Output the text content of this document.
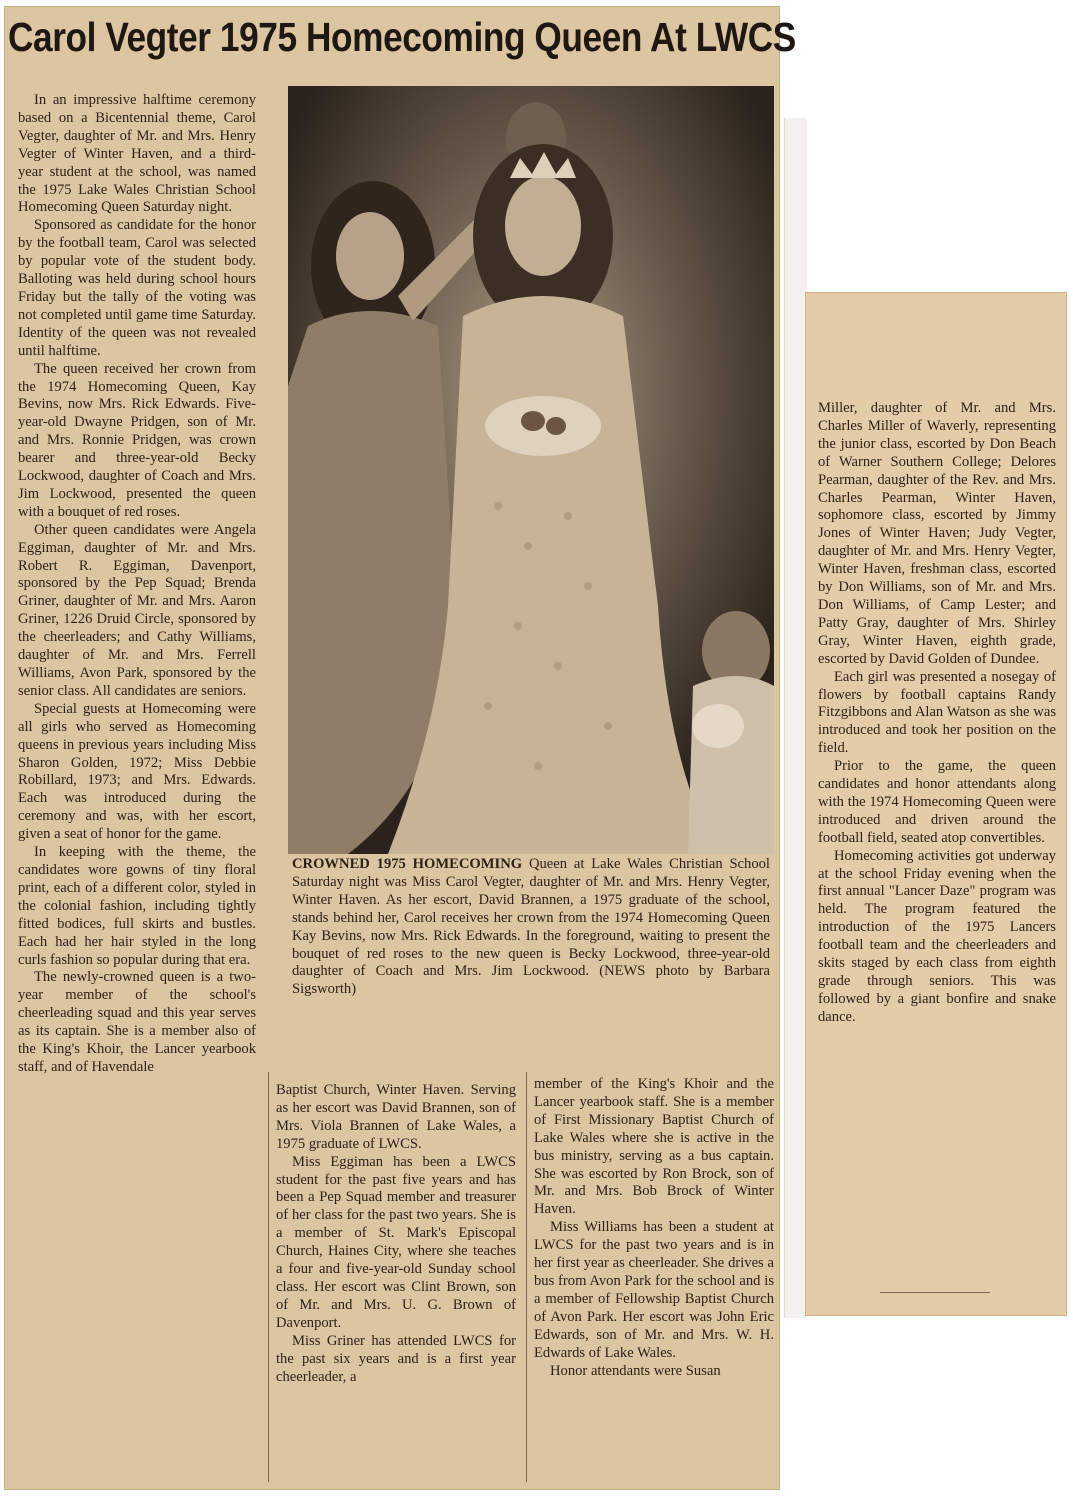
Carol Vegter 1975 Homecoming Queen At LWCS
CROWNED 1975 HOMECOMING Queen at Lake Wales Christian School Saturday night was Miss Carol Vegter, daughter of Mr. and Mrs. Henry Vegter, Winter Haven. As her escort, David Brannen, a 1975 graduate of the school, stands behind her, Carol receives her crown from the 1974 Homecoming Queen Kay Bevins, now Mrs. Rick Edwards. In the foreground, waiting to present the bouquet of red roses to the new queen is Becky Lockwood, three-year-old daughter of Coach and Mrs. Jim Lockwood. (NEWS photo by Barbara Sigsworth)

In an impressive halftime ceremony based on a Bicentennial theme, Carol Vegter, daughter of Mr. and Mrs. Henry Vegter of Winter Haven, and a third-year student at the school, was named the 1975 Lake Wales Christian School Homecoming Queen Saturday night.

Sponsored as candidate for the honor by the football team, Carol was selected by popular vote of the student body. Balloting was held during school hours Friday but the tally of the voting was not completed until game time Saturday. Identity of the queen was not revealed until halftime.

The queen received her crown from the 1974 Homecoming Queen, Kay Bevins, now Mrs. Rick Edwards. Five-year-old Dwayne Pridgen, son of Mr. and Mrs. Ronnie Pridgen, was crown bearer and three-year-old Becky Lockwood, daughter of Coach and Mrs. Jim Lockwood, presented the queen with a bouquet of red roses.

Other queen candidates were Angela Eggiman, daughter of Mr. and Mrs. Robert R. Eggiman, Davenport, sponsored by the Pep Squad; Brenda Griner, daughter of Mr. and Mrs. Aaron Griner, 1226 Druid Circle, sponsored by the cheerleaders; and Cathy Williams, daughter of Mr. and Mrs. Ferrell Williams, Avon Park, sponsored by the senior class. All candidates are seniors.

Special guests at Homecoming were all girls who served as Homecoming queens in previous years including Miss Sharon Golden, 1972; Miss Debbie Robillard, 1973; and Mrs. Edwards. Each was introduced during the ceremony and was, with her escort, given a seat of honor for the game.

In keeping with the theme, the candidates wore gowns of tiny floral print, each of a different color, styled in the colonial fashion, including tightly fitted bodices, full skirts and bustles. Each had her hair styled in the long curls fashion so popular during that era.

The newly-crowned queen is a two-year member of the school's cheerleading squad and this year serves as its captain. She is a member also of the King's Khoir, the Lancer yearbook staff, and of Havendale

Baptist Church, Winter Haven. Serving as her escort was David Brannen, son of Mrs. Viola Brannen of Lake Wales, a 1975 graduate of LWCS.

Miss Eggiman has been a LWCS student for the past five years and has been a Pep Squad member and treasurer of her class for the past two years. She is a member of St. Mark's Episcopal Church, Haines City, where she teaches a four and five-year-old Sunday school class. Her escort was Clint Brown, son of Mr. and Mrs. U. G. Brown of Davenport.

Miss Griner has attended LWCS for the past six years and is a first year cheerleader, a

member of the King's Khoir and the Lancer yearbook staff. She is a member of First Missionary Baptist Church of Lake Wales where she is active in the bus ministry, serving as a bus captain. She was escorted by Ron Brock, son of Mr. and Mrs. Bob Brock of Winter Haven.

Miss Williams has been a student at LWCS for the past two years and is in her first year as cheerleader. She drives a bus from Avon Park for the school and is a member of Fellowship Baptist Church of Avon Park. Her escort was John Eric Edwards, son of Mr. and Mrs. W. H. Edwards of Lake Wales.

Honor attendants were Susan

Miller, daughter of Mr. and Mrs. Charles Miller of Waverly, representing the junior class, escorted by Don Beach of Warner Southern College; Delores Pearman, daughter of the Rev. and Mrs. Charles Pearman, Winter Haven, sophomore class, escorted by Jimmy Jones of Winter Haven; Judy Vegter, daughter of Mr. and Mrs. Henry Vegter, Winter Haven, freshman class, escorted by Don Williams, son of Mr. and Mrs. Don Williams, of Camp Lester; and Patty Gray, daughter of Mrs. Shirley Gray, Winter Haven, eighth grade, escorted by David Golden of Dundee.

Each girl was presented a nosegay of flowers by football captains Randy Fitzgibbons and Alan Watson as she was introduced and took her position on the field.

Prior to the game, the queen candidates and honor attendants along with the 1974 Homecoming Queen were introduced and driven around the football field, seated atop convertibles.

Homecoming activities got underway at the school Friday evening when the first annual "Lancer Daze" program was held. The program featured the introduction of the 1975 Lancers football team and the cheerleaders and skits staged by each class from eighth grade through seniors. This was followed by a giant bonfire and snake dance.
